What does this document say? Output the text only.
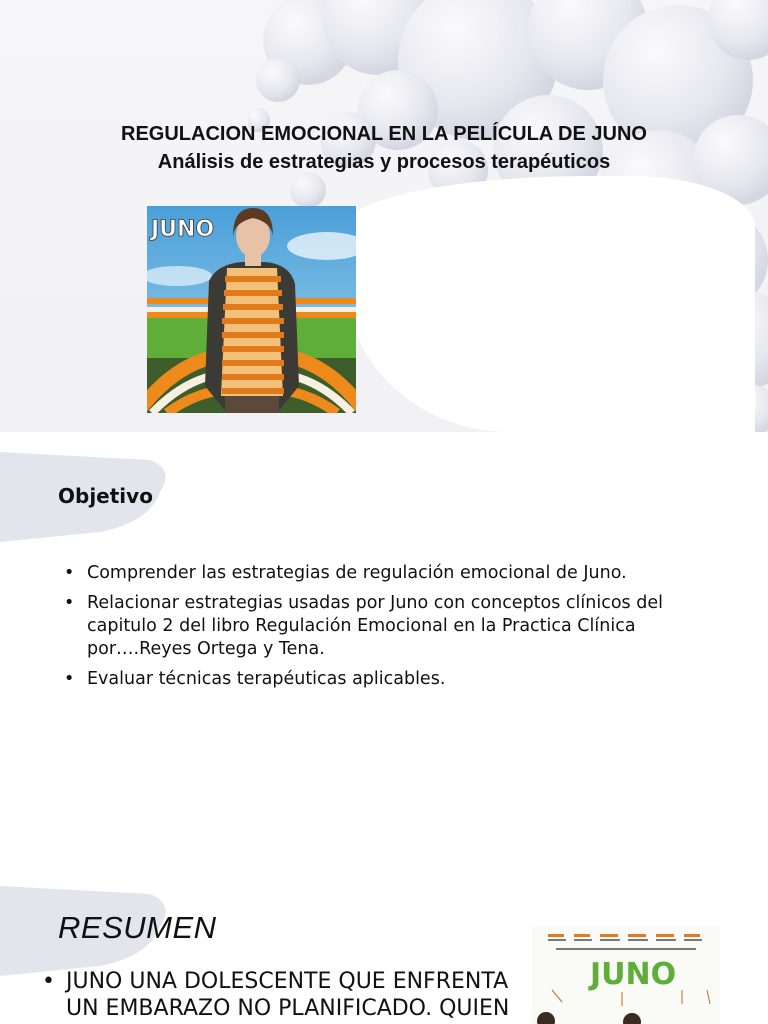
REGULACION EMOCIONAL EN LA PELÍCULA DE JUNO
Análisis de estrategias y procesos terapéuticos
JUNO
Objetivo
• Comprender las estrategias de regulación emocional de Juno.
• Relacionar estrategias usadas por Juno con conceptos clínicos del capitulo 2 del libro Regulación Emocional en la Practica Clínica por….Reyes Ortega y Tena.
• Evaluar técnicas terapéuticas aplicables.
RESUMEN
• JUNO UNA DOLESCENTE QUE ENFRENTA UN EMBARAZO NO PLANIFICADO. QUIEN
JUNO
